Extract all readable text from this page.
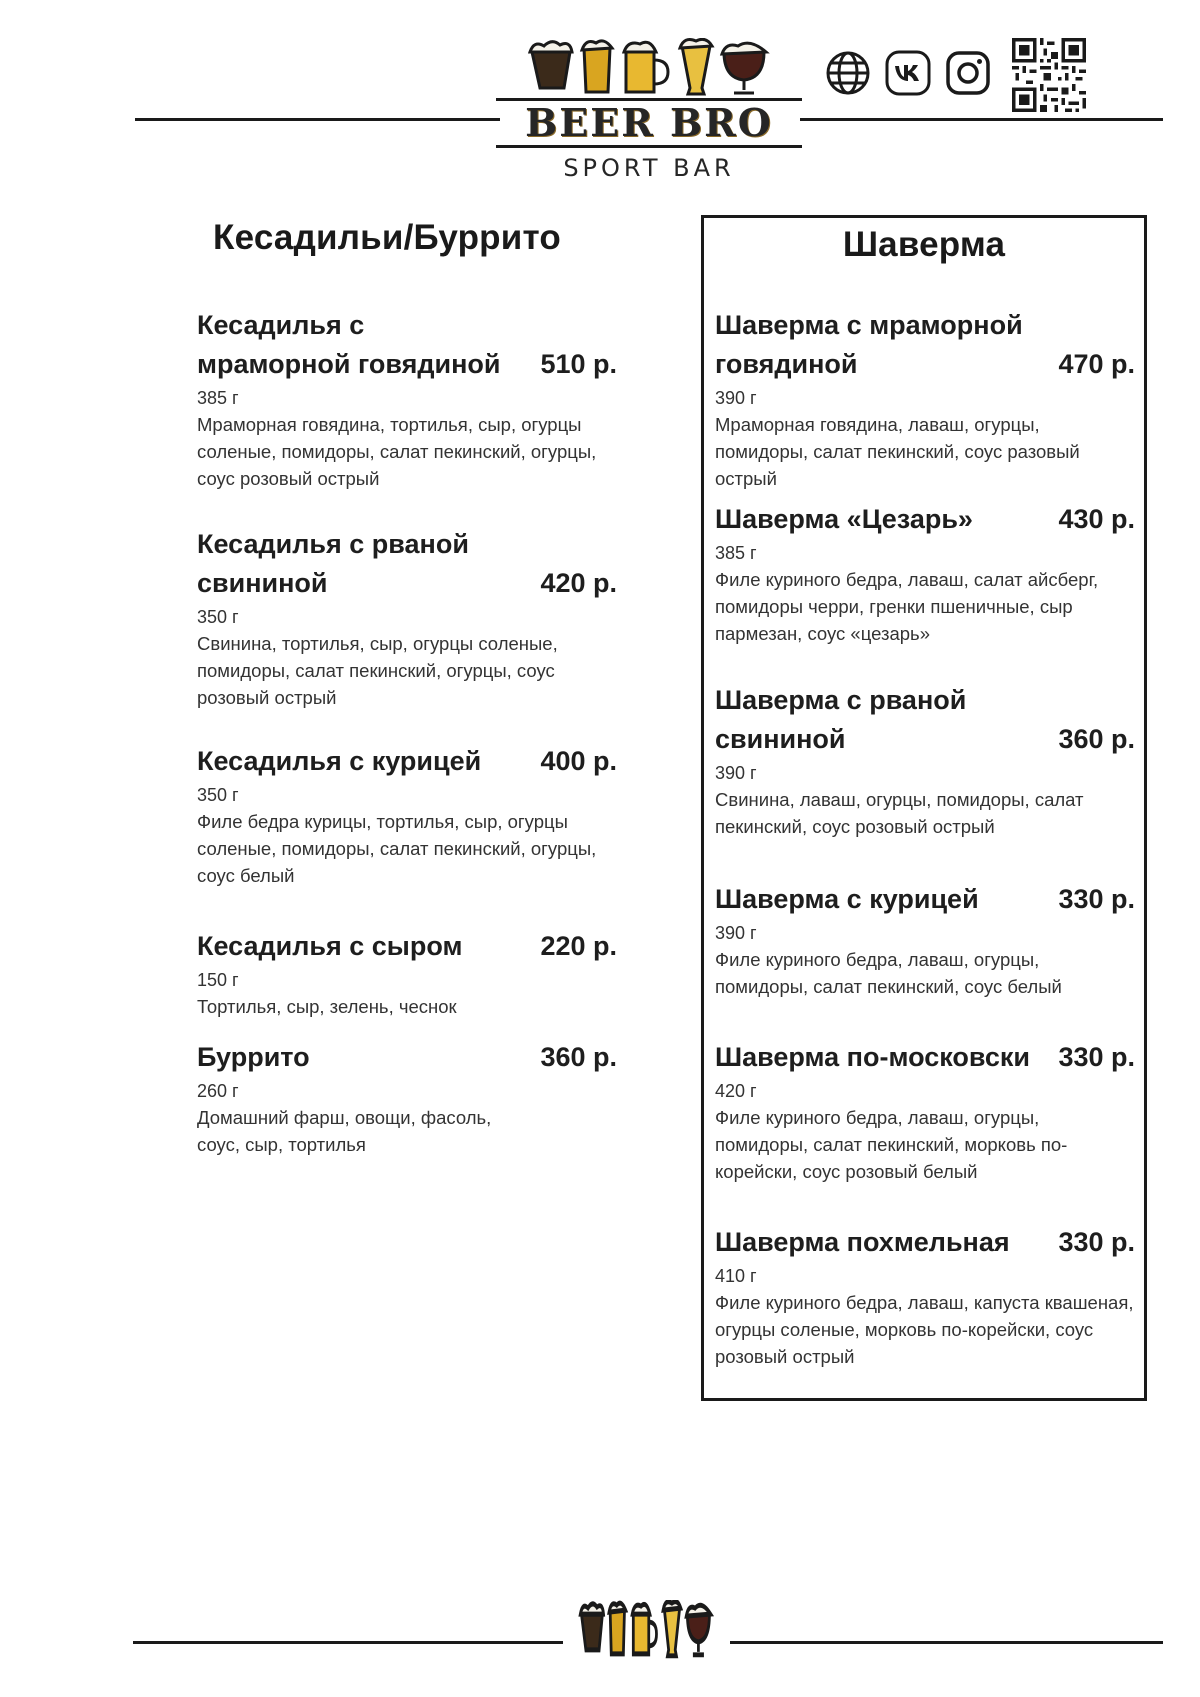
BEER BRO
SPORT BAR
Кесадильи/Буррито
Кесадилья с мраморной говядиной	510 р.
385 г
Мраморная говядина, тортилья, сыр, огурцы соленые, помидоры, салат пекинский, огурцы, соус розовый острый
Кесадилья с рваной свининой	420 р.
350 г
Свинина, тортилья, сыр, огурцы соленые, помидоры, салат пекинский, огурцы, соус розовый острый
Кесадилья с курицей	400 р.
350 г
Филе бедра курицы, тортилья, сыр, огурцы соленые, помидоры, салат пекинский, огурцы, соус белый
Кесадилья с сыром	220 р.
150 г
Тортилья, сыр, зелень, чеснок
Буррито	360 р.
260 г
Домашний фарш, овощи, фасоль, соус, сыр, тортилья
Шаверма
Шаверма с мраморной говядиной	470 р.
390 г
Мраморная говядина, лаваш, огурцы, помидоры, салат пекинский, соус разовый острый
Шаверма «Цезарь»	430 р.
385 г
Филе куриного бедра, лаваш, салат айсберг, помидоры черри, гренки пшеничные, сыр пармезан, соус «цезарь»
Шаверма с рваной свининой	360 р.
390 г
Свинина, лаваш, огурцы, помидоры, салат пекинский, соус розовый острый
Шаверма с курицей	330 р.
390 г
Филе куриного бедра, лаваш, огурцы, помидоры, салат пекинский, соус белый
Шаверма по-московски 330 р.
420 г
Филе куриного бедра, лаваш, огурцы, помидоры, салат пекинский, морковь по-корейски, соус розовый белый
Шаверма похмельная	330 р.
410 г
Филе куриного бедра, лаваш, капуста квашеная, огурцы соленые, морковь по-корейски, соус розовый острый
